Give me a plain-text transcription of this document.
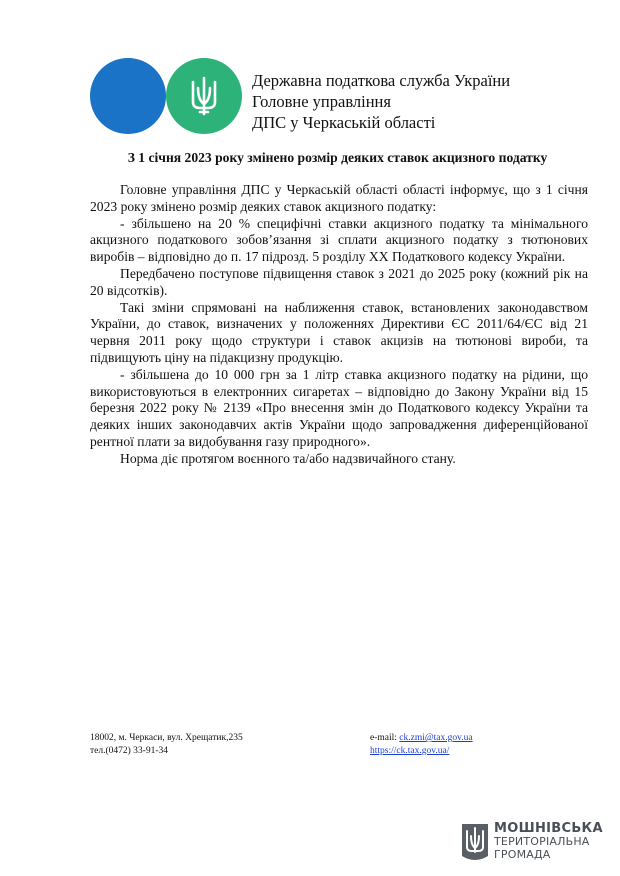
Державна податкова служба України
Головне управління
ДПС у Черкаській області
З 1 січня 2023 року змінено розмір деяких ставок акцизного податку

Головне управління ДПС у Черкаській області області інформує, що з 1 січня 2023 року змінено розмір деяких ставок акцизного податку:

- збільшено на 20 % специфічні ставки акцизного податку та мінімального акцизного податкового зобов’язання зі сплати акцизного податку з тютюнових виробів – відповідно до п. 17 підрозд. 5 розділу XX Податкового кодексу України.

Передбачено поступове підвищення ставок з 2021 до 2025 року (кожний рік на 20 відсотків).

Такі зміни спрямовані на наближення ставок, встановлених законодавством України, до ставок, визначених у положеннях Директиви ЄС 2011/64/ЄС від 21 червня 2011 року щодо структури і ставок акцизів на тютюнові вироби, та підвищують ціну на підакцизну продукцію.

- збільшена до 10 000 грн за 1 літр ставка акцизного податку на рідини, що використовуються в електронних сигаретах – відповідно до Закону України від 15 березня 2022 року № 2139 «Про внесення змін до Податкового кодексу України та деяких інших законодавчих актів України щодо запровадження диференційованої рентної плати за видобування газу природного».

Норма діє протягом воєнного та/або надзвичайного стану.

18002, м. Черкаси, вул. Хрещатик,235
тел.(0472) 33-91-34
e-mail: ck.zmi@tax.gov.ua
https://ck.tax.gov.ua/
МОШНІВСЬКА
ТЕРИТОРІАЛЬНА
ГРОМАДА
